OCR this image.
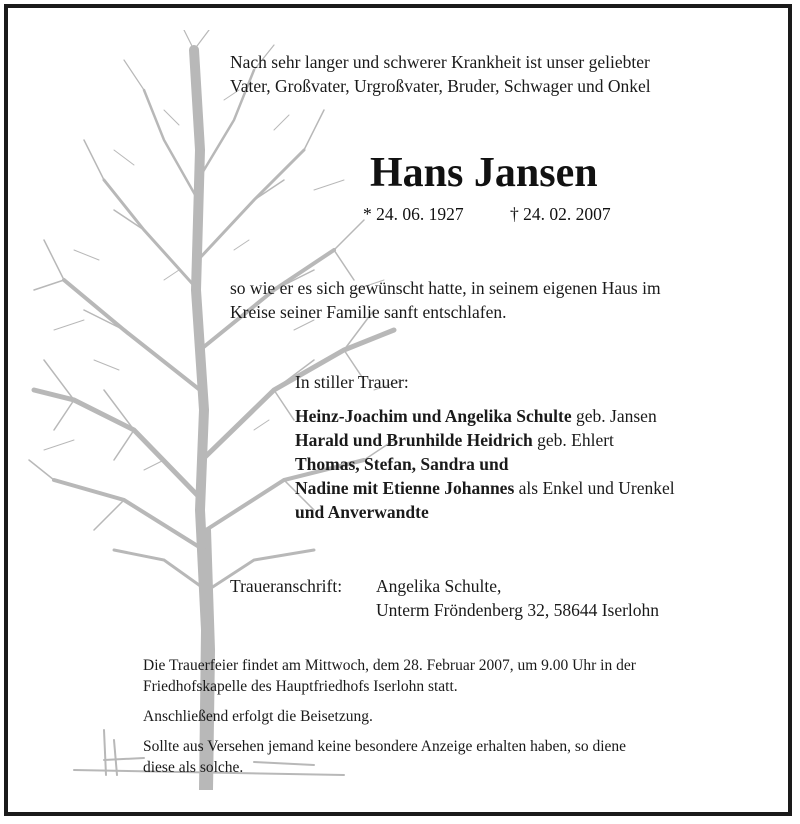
Nach sehr langer und schwerer Krankheit ist unser geliebter
Vater, Großvater, Urgroßvater, Bruder, Schwager und Onkel
Hans Jansen
* 24. 06. 1927	† 24. 02. 2007
so wie er es sich gewünscht hatte, in seinem eigenen Haus im
Kreise seiner Familie sanft entschlafen.
In stiller Trauer:
Heinz-Joachim und Angelika Schulte geb. Jansen
Harald und Brunhilde Heidrich geb. Ehlert
Thomas, Stefan, Sandra und
Nadine mit Etienne Johannes als Enkel und Urenkel
und Anverwandte
Traueranschrift: Angelika Schulte,
Unterm Fröndenberg 32, 58644 Iserlohn
Die Trauerfeier findet am Mittwoch, dem 28. Februar 2007, um 9.00 Uhr in der
Friedhofskapelle des Hauptfriedhofs Iserlohn statt.
Anschließend erfolgt die Beisetzung.
Sollte aus Versehen jemand keine besondere Anzeige erhalten haben, so diene
diese als solche.
